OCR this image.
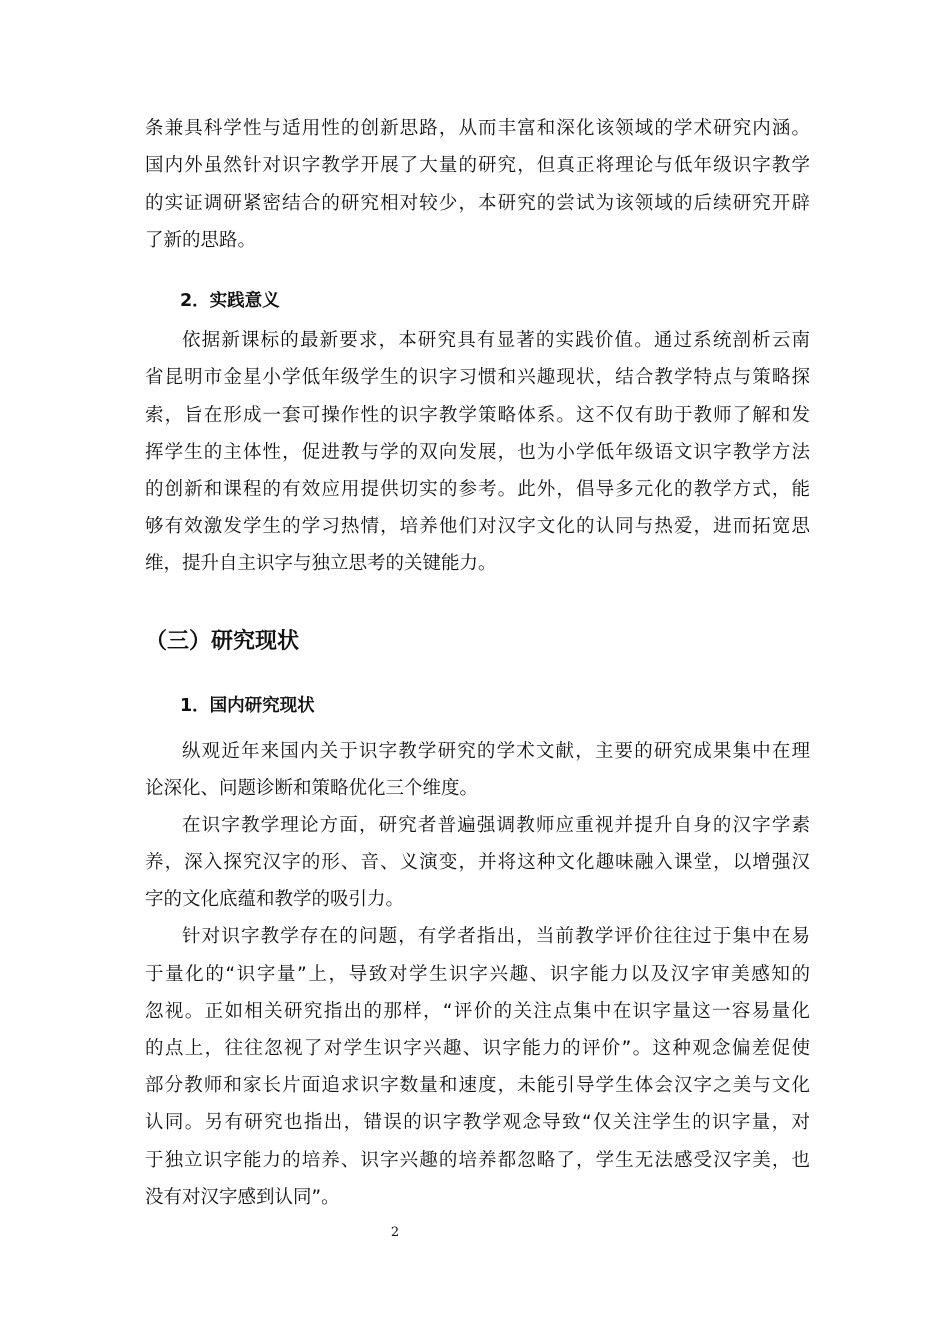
条兼具科学性与适用性的创新思路，从而丰富和深化该领域的学术研究内涵。
国内外虽然针对识字教学开展了大量的研究，但真正将理论与低年级识字教学
的实证调研紧密结合的研究相对较少，本研究的尝试为该领域的后续研究开辟
了新的思路。
2．实践意义
依据新课标的最新要求，本研究具有显著的实践价值。通过系统剖析云南
省昆明市金星小学低年级学生的识字习惯和兴趣现状，结合教学特点与策略探
索，旨在形成一套可操作性的识字教学策略体系。这不仅有助于教师了解和发
挥学生的主体性，促进教与学的双向发展，也为小学低年级语文识字教学方法
的创新和课程的有效应用提供切实的参考。此外，倡导多元化的教学方式，能
够有效激发学生的学习热情，培养他们对汉字文化的认同与热爱，进而拓宽思
维，提升自主识字与独立思考的关键能力。
（三）研究现状
1．国内研究现状
纵观近年来国内关于识字教学研究的学术文献，主要的研究成果集中在理
论深化、问题诊断和策略优化三个维度。
在识字教学理论方面，研究者普遍强调教师应重视并提升自身的汉字学素
养，深入探究汉字的形、音、义演变，并将这种文化趣味融入课堂，以增强汉
字的文化底蕴和教学的吸引力。
针对识字教学存在的问题，有学者指出，当前教学评价往往过于集中在易
于量化的“识字量”上，导致对学生识字兴趣、识字能力以及汉字审美感知的
忽视。正如相关研究指出的那样，“评价的关注点集中在识字量这一容易量化
的点上，往往忽视了对学生识字兴趣、识字能力的评价”。这种观念偏差促使
部分教师和家长片面追求识字数量和速度，未能引导学生体会汉字之美与文化
认同。另有研究也指出，错误的识字教学观念导致“仅关注学生的识字量，对
于独立识字能力的培养、识字兴趣的培养都忽略了，学生无法感受汉字美，也
没有对汉字感到认同”。
2
